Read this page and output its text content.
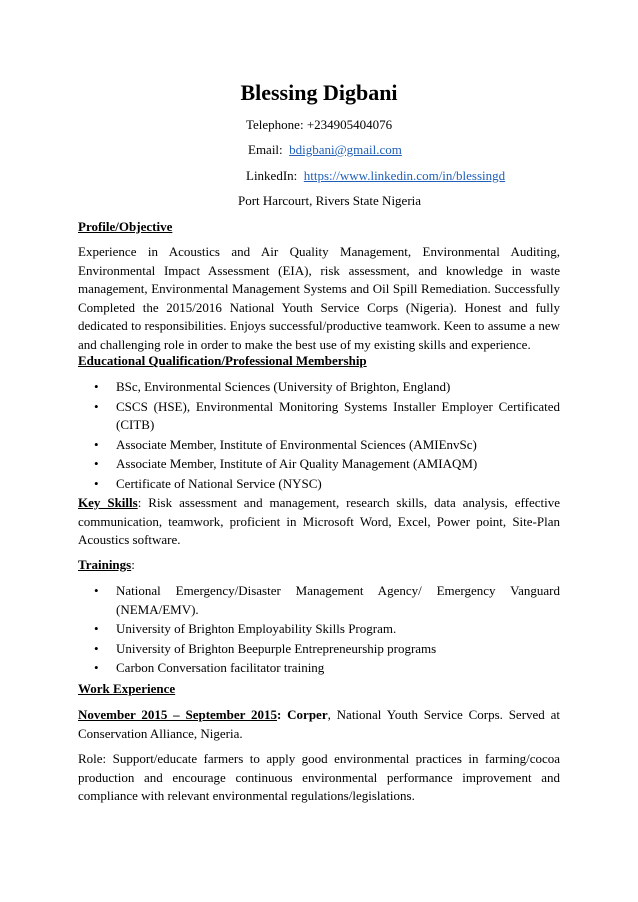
Blessing Digbani
Telephone: +234905404076
Email: bdigbani@gmail.com
LinkedIn: https://www.linkedin.com/in/blessingd
Port Harcourt, Rivers State Nigeria
Profile/Objective
Experience in Acoustics and Air Quality Management, Environmental Auditing, Environmental Impact Assessment (EIA), risk assessment, and knowledge in waste management, Environmental Management Systems and Oil Spill Remediation. Successfully Completed the 2015/2016 National Youth Service Corps (Nigeria). Honest and fully dedicated to responsibilities. Enjoys successful/productive teamwork. Keen to assume a new and challenging role in order to make the best use of my existing skills and experience.
Educational Qualification/Professional Membership
• BSc, Environmental Sciences (University of Brighton, England)
• CSCS (HSE), Environmental Monitoring Systems Installer Employer Certificated (CITB)
• Associate Member, Institute of Environmental Sciences (AMIEnvSc)
• Associate Member, Institute of Air Quality Management (AMIAQM)
• Certificate of National Service (NYSC)
Key Skills: Risk assessment and management, research skills, data analysis, effective communication, teamwork, proficient in Microsoft Word, Excel, Power point, Site-Plan Acoustics software.
Trainings:
• National Emergency/Disaster Management Agency/ Emergency Vanguard (NEMA/EMV).
• University of Brighton Employability Skills Program.
• University of Brighton Beepurple Entrepreneurship programs
• Carbon Conversation facilitator training
Work Experience
November 2015 – September 2015: Corper, National Youth Service Corps. Served at Conservation Alliance, Nigeria.
Role: Support/educate farmers to apply good environmental practices in farming/cocoa production and encourage continuous environmental performance improvement and compliance with relevant environmental regulations/legislations.
